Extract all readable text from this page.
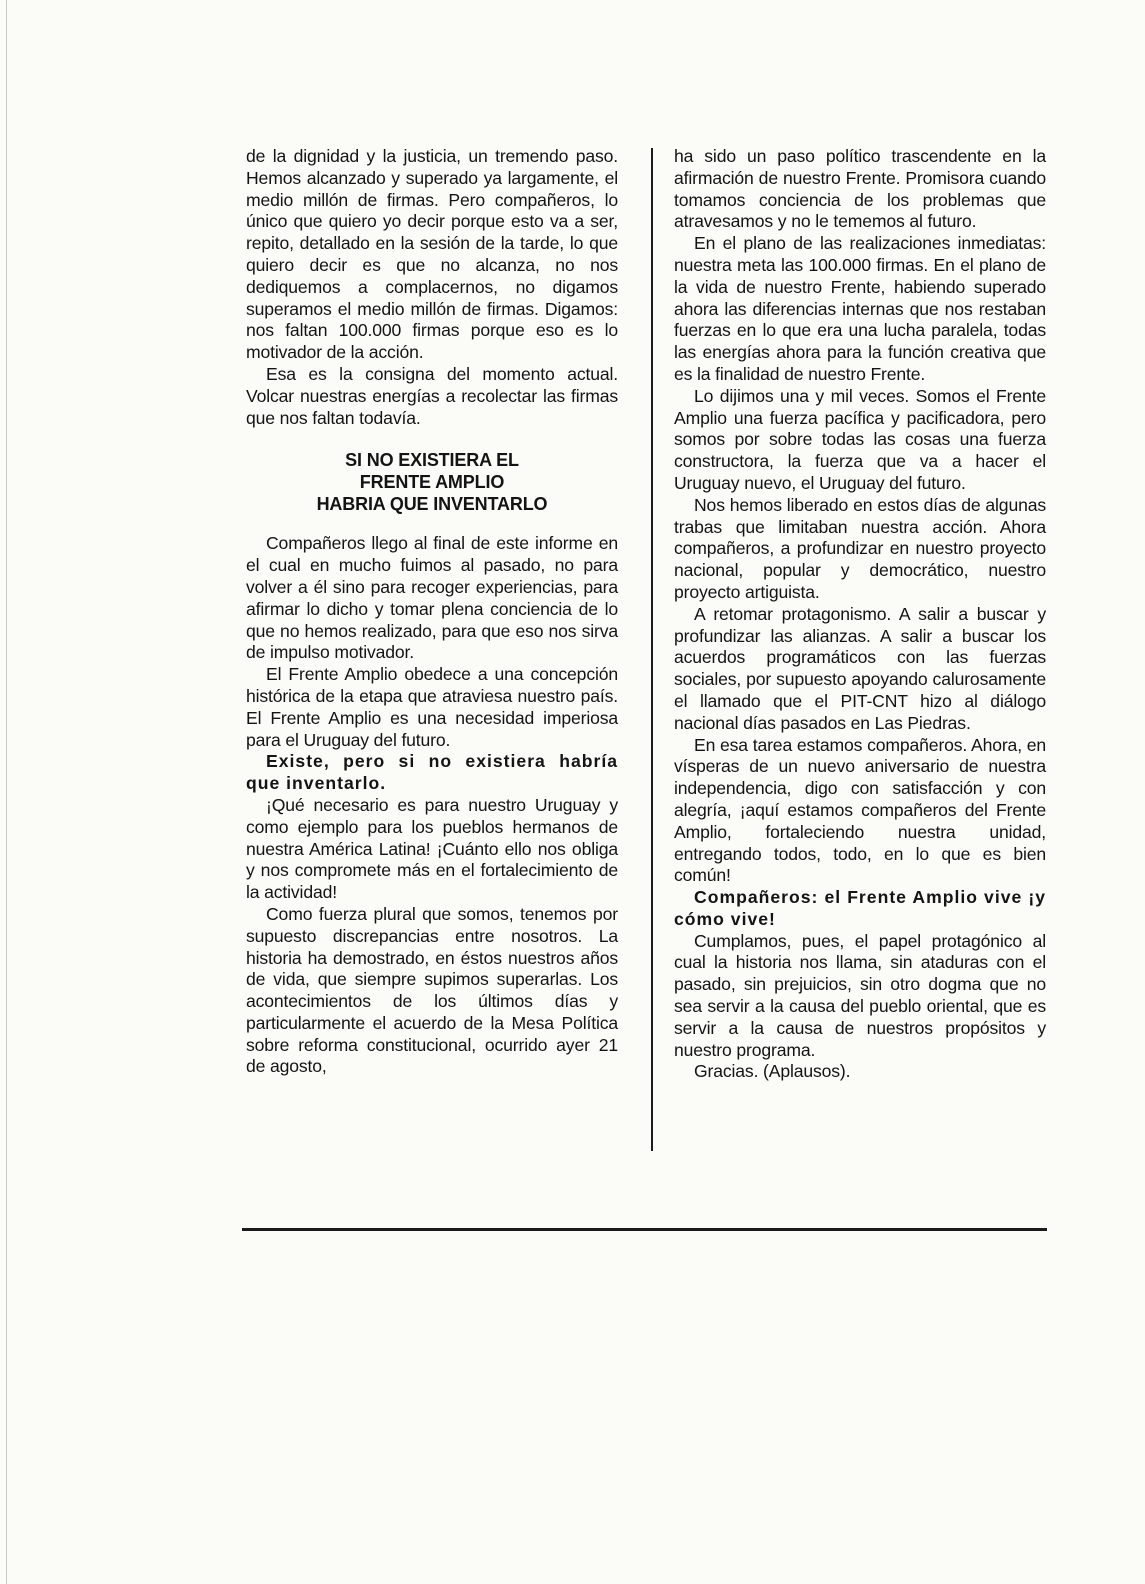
de la dignidad y la justicia, un tremendo paso. Hemos alcanzado y superado ya largamente, el medio millón de firmas. Pero compañeros, lo único que quiero yo decir porque esto va a ser, repito, detallado en la sesión de la tarde, lo que quiero decir es que no alcanza, no nos dediquemos a complacernos, no digamos superamos el medio millón de firmas. Digamos: nos faltan 100.000 firmas porque eso es lo motivador de la acción.

Esa es la consigna del momento actual. Volcar nuestras energías a recolectar las firmas que nos faltan todavía.

SI NO EXISTIERA EL
FRENTE AMPLIO
HABRIA QUE INVENTARLO

Compañeros llego al final de este informe en el cual en mucho fuimos al pasado, no para volver a él sino para recoger experiencias, para afirmar lo dicho y tomar plena conciencia de lo que no hemos realizado, para que eso nos sirva de impulso motivador.

El Frente Amplio obedece a una concepción histórica de la etapa que atraviesa nuestro país. El Frente Amplio es una necesidad imperiosa para el Uruguay del futuro.

Existe, pero si no existiera habría que inventarlo.

¡Qué necesario es para nuestro Uruguay y como ejemplo para los pueblos hermanos de nuestra América Latina! ¡Cuánto ello nos obliga y nos compromete más en el fortalecimiento de la actividad!

Como fuerza plural que somos, tenemos por supuesto discrepancias entre nosotros. La historia ha demostrado, en éstos nuestros años de vida, que siempre supimos superarlas. Los acontecimientos de los últimos días y particularmente el acuerdo de la Mesa Política sobre reforma constitucional, ocurrido ayer 21 de agosto,

ha sido un paso político trascendente en la afirmación de nuestro Frente. Promisora cuando tomamos conciencia de los problemas que atravesamos y no le tememos al futuro.

En el plano de las realizaciones inmediatas: nuestra meta las 100.000 firmas. En el plano de la vida de nuestro Frente, habiendo superado ahora las diferencias internas que nos restaban fuerzas en lo que era una lucha paralela, todas las energías ahora para la función creativa que es la finalidad de nuestro Frente.

Lo dijimos una y mil veces. Somos el Frente Amplio una fuerza pacífica y pacificadora, pero somos por sobre todas las cosas una fuerza constructora, la fuerza que va a hacer el Uruguay nuevo, el Uruguay del futuro.

Nos hemos liberado en estos días de algunas trabas que limitaban nuestra acción. Ahora compañeros, a profundizar en nuestro proyecto nacional, popular y democrático, nuestro proyecto artiguista.

A retomar protagonismo. A salir a buscar y profundizar las alianzas. A salir a buscar los acuerdos programáticos con las fuerzas sociales, por supuesto apoyando calurosamente el llamado que el PIT-CNT hizo al diálogo nacional días pasados en Las Piedras.

En esa tarea estamos compañeros. Ahora, en vísperas de un nuevo aniversario de nuestra independencia, digo con satisfacción y con alegría, ¡aquí estamos compañeros del Frente Amplio, fortaleciendo nuestra unidad, entregando todos, todo, en lo que es bien común!

Compañeros: el Frente Amplio vive ¡y cómo vive!

Cumplamos, pues, el papel protagónico al cual la historia nos llama, sin ataduras con el pasado, sin prejuicios, sin otro dogma que no sea servir a la causa del pueblo oriental, que es servir a la causa de nuestros propósitos y nuestro programa.

Gracias. (Aplausos).
